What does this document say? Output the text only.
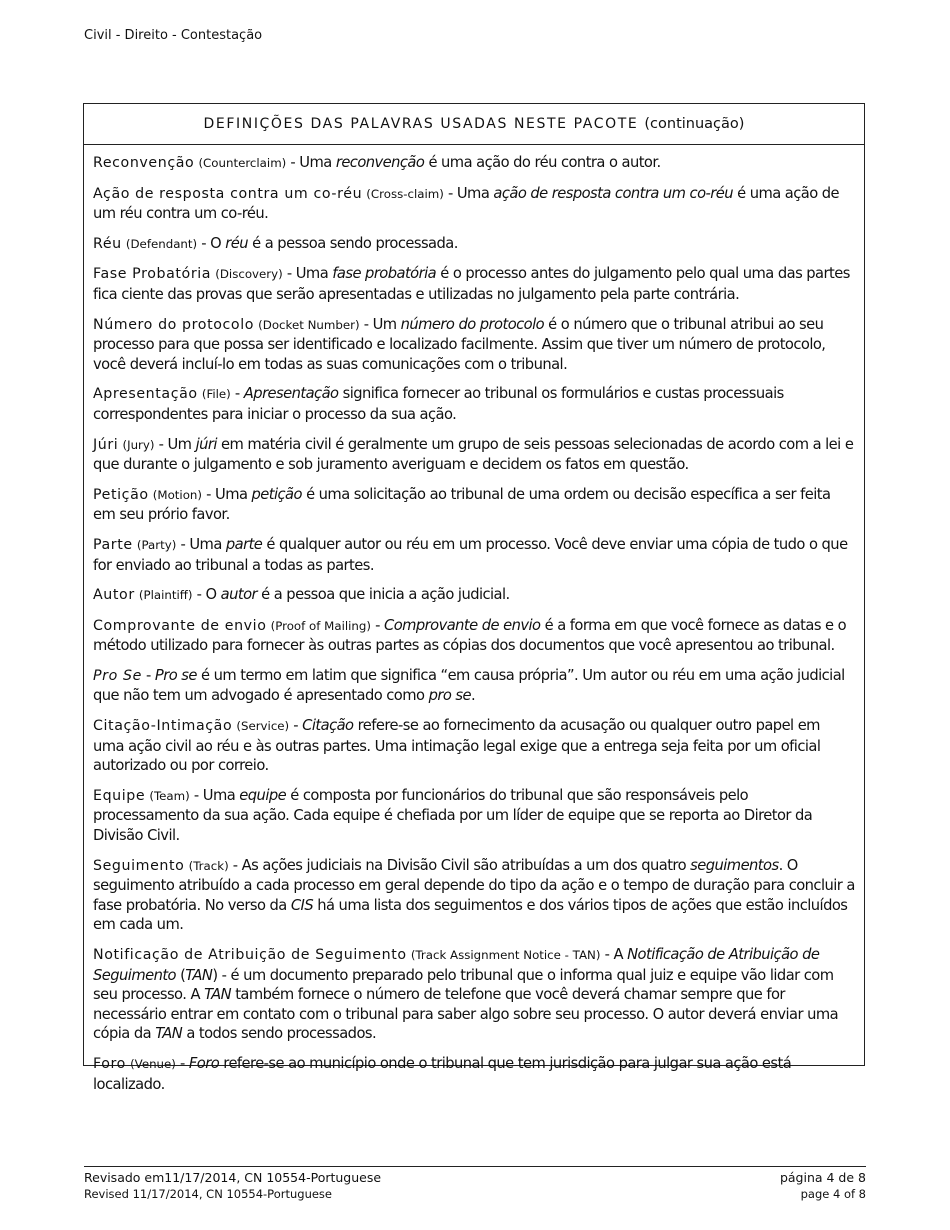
Civil - Direito - Contestação
DEFINIÇÕES DAS PALAVRAS USADAS NESTE PACOTE (continuação)
Reconvenção (Counterclaim) - Uma reconvenção é uma ação do réu contra o autor.
Ação de resposta contra um co-réu (Cross-claim) - Uma ação de resposta contra um co-réu é uma ação de um réu contra um co-réu.
Réu (Defendant) - O réu é a pessoa sendo processada.
Fase Probatória (Discovery) - Uma fase probatória é o processo antes do julgamento pelo qual uma das partes fica ciente das provas que serão apresentadas e utilizadas no julgamento pela parte contrária.
Número do protocolo (Docket Number) - Um número do protocolo é o número que o tribunal atribui ao seu processo para que possa ser identificado e localizado facilmente. Assim que tiver um número de protocolo, você deverá incluí-lo em todas as suas comunicações com o tribunal.
Apresentação (File) - Apresentação significa fornecer ao tribunal os formulários e custas processuais correspondentes para iniciar o processo da sua ação.
Júri (Jury) - Um júri em matéria civil é geralmente um grupo de seis pessoas selecionadas de acordo com a lei e que durante o julgamento e sob juramento averiguam e decidem os fatos em questão.
Petição (Motion) - Uma petição é uma solicitação ao tribunal de uma ordem ou decisão específica a ser feita em seu prório favor.
Parte (Party) - Uma parte é qualquer autor ou réu em um processo. Você deve enviar uma cópia de tudo o que for enviado ao tribunal a todas as partes.
Autor (Plaintiff) - O autor é a pessoa que inicia a ação judicial.
Comprovante de envio (Proof of Mailing) - Comprovante de envio é a forma em que você fornece as datas e o método utilizado para fornecer às outras partes as cópias dos documentos que você apresentou ao tribunal.
Pro Se - Pro se é um termo em latim que significa “em causa própria”. Um autor ou réu em uma ação judicial que não tem um advogado é apresentado como pro se.
Citação-Intimação (Service) - Citação refere-se ao fornecimento da acusação ou qualquer outro papel em uma ação civil ao réu e às outras partes. Uma intimação legal exige que a entrega seja feita por um oficial autorizado ou por correio.
Equipe (Team) - Uma equipe é composta por funcionários do tribunal que são responsáveis pelo processamento da sua ação. Cada equipe é chefiada por um líder de equipe que se reporta ao Diretor da Divisão Civil.
Seguimento (Track) - As ações judiciais na Divisão Civil são atribuídas a um dos quatro seguimentos. O seguimento atribuído a cada processo em geral depende do tipo da ação e o tempo de duração para concluir a fase probatória. No verso da CIS há uma lista dos seguimentos e dos vários tipos de ações que estão incluídos em cada um.
Notificação de Atribuição de Seguimento (Track Assignment Notice - TAN) - A Notificação de Atribuição de Seguimento (TAN) - é um documento preparado pelo tribunal que o informa qual juiz e equipe vão lidar com seu processo. A TAN também fornece o número de telefone que você deverá chamar sempre que for necessário entrar em contato com o tribunal para saber algo sobre seu processo. O autor deverá enviar uma cópia da TAN a todos sendo processados.
Foro (Venue) - Foro refere-se ao município onde o tribunal que tem jurisdição para julgar sua ação está localizado.
Revisado em11/17/2014, CN 10554-Portuguese	página 4 de 8
Revised 11/17/2014, CN 10554-Portuguese	page 4 of 8
